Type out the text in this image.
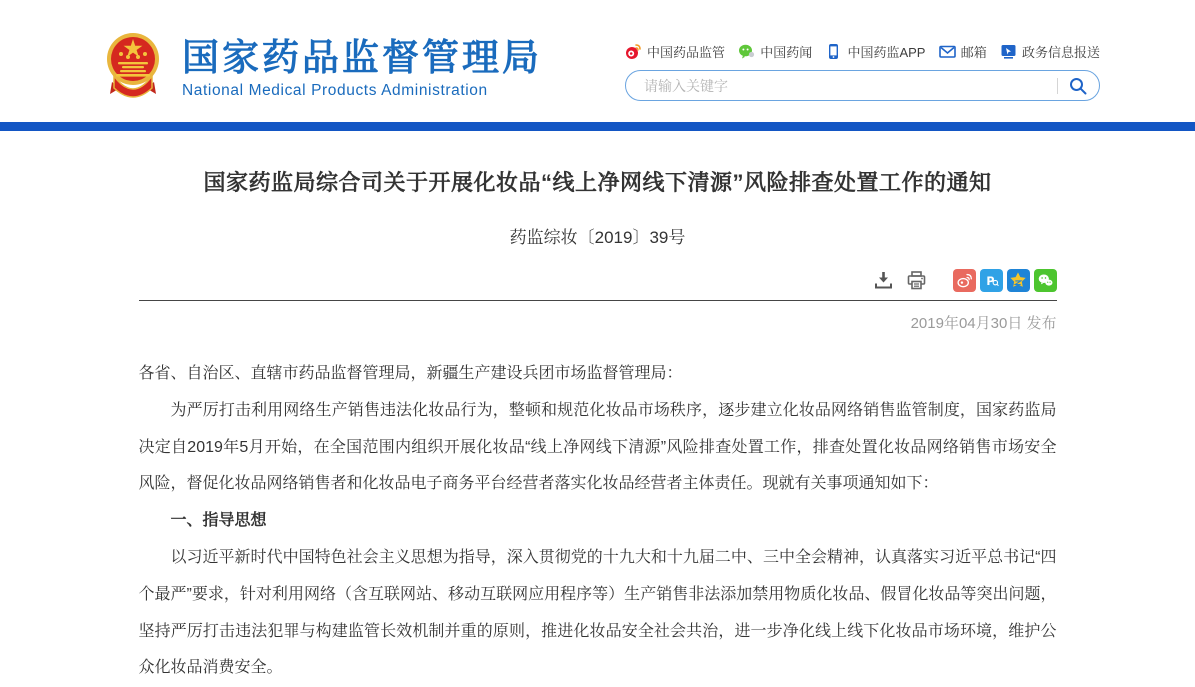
国家药品监督管理局
National Medical Products Administration
中国药品监管	中国药闻	中国药监APP	邮箱	政务信息报送
请输入关键字
国家药监局综合司关于开展化妆品“线上净网线下清源”风险排查处置工作的通知
药监综妆〔2019〕39号
P
2019年04月30日 发布

各省、自治区、直辖市药品监督管理局，新疆生产建设兵团市场监督管理局：

为严厉打击利用网络生产销售违法化妆品行为，整顿和规范化妆品市场秩序，逐步建立化妆品网络销售监管制度，国家药监局决定自2019年5月开始，在全国范围内组织开展化妆品“线上净网线下清源”风险排查处置工作，排查处置化妆品网络销售市场安全风险，督促化妆品网络销售者和化妆品电子商务平台经营者落实化妆品经营者主体责任。现就有关事项通知如下：

一、指导思想

以习近平新时代中国特色社会主义思想为指导，深入贯彻党的十九大和十九届二中、三中全会精神，认真落实习近平总书记“四个最严”要求，针对利用网络（含互联网站、移动互联网应用程序等）生产销售非法添加禁用物质化妆品、假冒化妆品等突出问题，坚持严厉打击违法犯罪与构建监管长效机制并重的原则，推进化妆品安全社会共治，进一步净化线上线下化妆品市场环境，维护公众化妆品消费安全。
